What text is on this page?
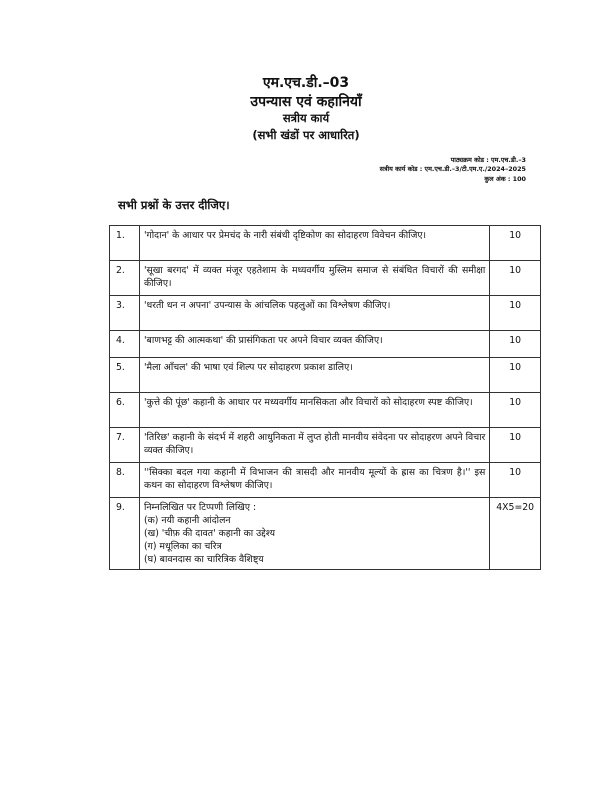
एम.एच.डी.–03
उपन्यास एवं कहानियाँ
सत्रीय कार्य
(सभी खंडों पर आधारित)
पाठ्यक्रम कोड : एम.एच.डी.–3
सत्रीय कार्य कोड : एम.एच.डी.–3/टी.एम.ए./2024–2025
कुल अंक : 100
सभी प्रश्नों के उत्तर दीजिए।
1.	'गोदान' के आधार पर प्रेमचंद के नारी संबंधी दृष्टिकोण का सोदाहरण विवेचन कीजिए।	10
2.	'सूखा बरगद' में व्यक्त मंजूर एहतेशाम के मध्यवर्गीय मुस्लिम समाज से संबंधित विचारों की समीक्षा कीजिए।	10
3.	'धरती धन न अपना' उपन्यास के आंचलिक पहलुओं का विश्लेषण कीजिए।	10
4.	'बाणभट्ट की आत्मकथा' की प्रासंगिकता पर अपने विचार व्यक्त कीजिए।	10
5.	'मैला आँचल' की भाषा एवं शिल्प पर सोदाहरण प्रकाश डालिए।	10
6.	'कुत्ते की पूंछ' कहानी के आधार पर मध्यवर्गीय मानसिकता और विचारों को सोदाहरण स्पष्ट कीजिए।	10
7.	'तिरिछ' कहानी के संदर्भ में शहरी आधुनिकता में लुप्त होती मानवीय संवेदना पर सोदाहरण अपने विचार व्यक्त कीजिए।	10
8.	''सिक्का बदल गया कहानी में विभाजन की त्रासदी और मानवीय मूल्यों के ह्रास का चित्रण है।'' इस कथन का सोदाहरण विश्लेषण कीजिए।	10
9.	निम्नलिखित पर टिप्पणी लिखिए :
(क) नयी कहानी आंदोलन
(ख) 'चीफ़ की दावत' कहानी का उद्देश्य
(ग) मधूलिका का चरित्र
(घ) बावनदास का चारित्रिक वैशिष्ट्य	4X5=20
